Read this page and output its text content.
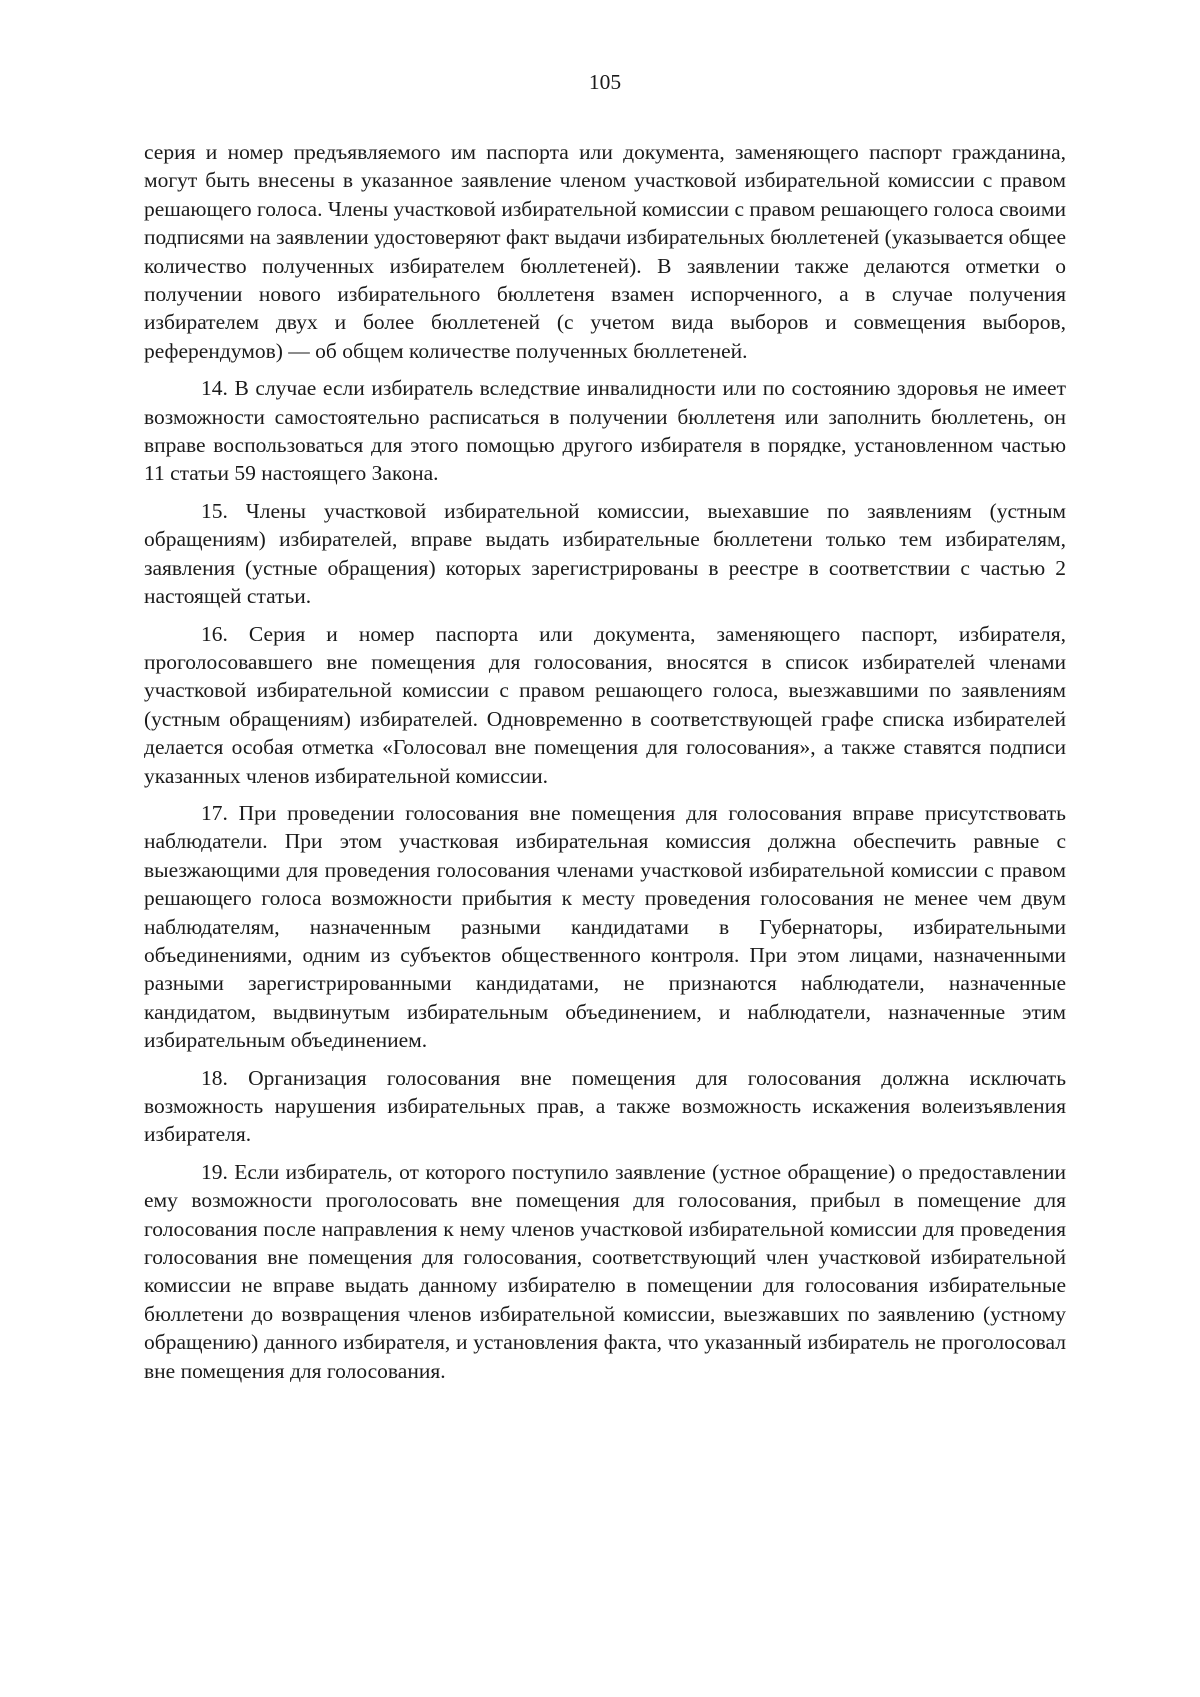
105

серия и номер предъявляемого им паспорта или документа, заменяющего паспорт гражданина, могут быть внесены в указанное заявление членом участковой избирательной комиссии с правом решающего голоса. Члены участковой избирательной комиссии с правом решающего голоса своими подписями на заявлении удостоверяют факт выдачи избирательных бюллетеней (указывается общее количество полученных избирателем бюллетеней). В заявлении также делаются отметки о получении нового избирательного бюллетеня взамен испорченного, а в случае получения избирателем двух и более бюллетеней (с учетом вида выборов и совмещения выборов, референдумов) — об общем количестве полученных бюллетеней.

14. В случае если избиратель вследствие инвалидности или по состоянию здоровья не имеет возможности самостоятельно расписаться в получении бюллетеня или заполнить бюллетень, он вправе воспользоваться для этого помощью другого избирателя в порядке, установленном частью 11 статьи 59 настоящего Закона.

15. Члены участковой избирательной комиссии, выехавшие по заявлениям (устным обращениям) избирателей, вправе выдать избирательные бюллетени только тем избирателям, заявления (устные обращения) которых зарегистрированы в реестре в соответствии с частью 2 настоящей статьи.

16. Серия и номер паспорта или документа, заменяющего паспорт, избирателя, проголосовавшего вне помещения для голосования, вносятся в список избирателей членами участковой избирательной комиссии с правом решающего голоса, выезжавшими по заявлениям (устным обращениям) избирателей. Одновременно в соответствующей графе списка избирателей делается особая отметка «Голосовал вне помещения для голосования», а также ставятся подписи указанных членов избирательной комиссии.

17. При проведении голосования вне помещения для голосования вправе присутствовать наблюдатели. При этом участковая избирательная комиссия должна обеспечить равные с выезжающими для проведения голосования членами участковой избирательной комиссии с правом решающего голоса возможности прибытия к месту проведения голосования не менее чем двум наблюдателям, назначенным разными кандидатами в Губернаторы, избирательными объединениями, одним из субъектов общественного контроля. При этом лицами, назначенными разными зарегистрированными кандидатами, не признаются наблюдатели, назначенные кандидатом, выдвинутым избирательным объединением, и наблюдатели, назначенные этим избирательным объединением.

18. Организация голосования вне помещения для голосования должна исключать возможность нарушения избирательных прав, а также возможность искажения волеизъявления избирателя.

19. Если избиратель, от которого поступило заявление (устное обращение) о предоставлении ему возможности проголосовать вне помещения для голосования, прибыл в помещение для голосования после направления к нему членов участковой избирательной комиссии для проведения голосования вне помещения для голосования, соответствующий член участковой избирательной комиссии не вправе выдать данному избирателю в помещении для голосования избирательные бюллетени до возвращения членов избирательной комиссии, выезжавших по заявлению (устному обращению) данного избирателя, и установления факта, что указанный избиратель не проголосовал вне помещения для голосования.
